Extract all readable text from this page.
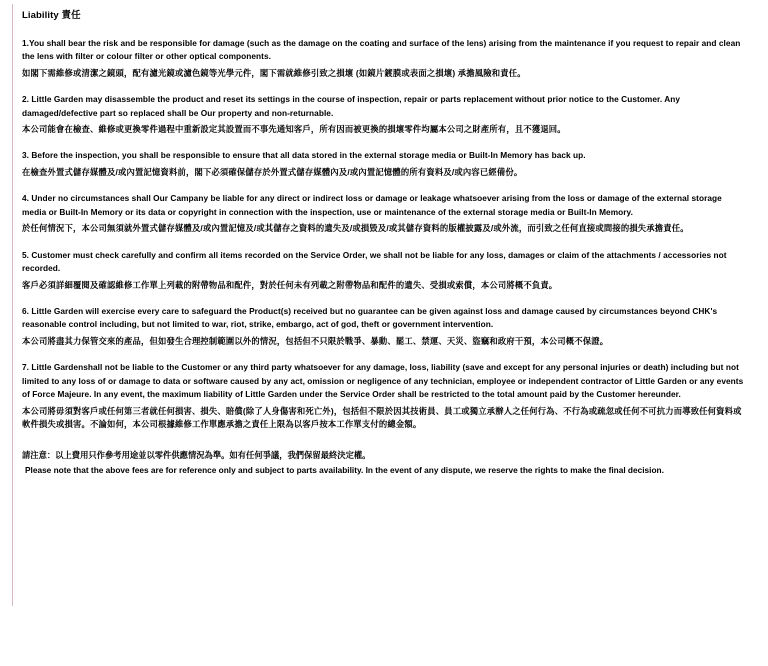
Liability 責任

1.You shall bear the risk and be responsible for damage (such as the damage on the coating and surface of the lens) arising from the maintenance if you request to repair and clean the lens with filter or colour filter or other optical components.

如閣下需維修或清潔之鏡頭，配有濾光鏡或濾色鏡等光學元件，閣下需就維修引致之損壞 (如鏡片鍍膜或表面之損壞) 承擔風險和責任。

2. Little Garden may disassemble the product and reset its settings in the course of inspection, repair or parts replacement without prior notice to the Customer. Any damaged/defective part so replaced shall be Our property and non-returnable.

本公司能會在檢查、維修或更換零件過程中重新設定其設置而不事先通知客戶，所有因而被更換的損壞零件均屬本公司之財產所有，且不獲退回。

3. Before the inspection, you shall be responsible to ensure that all data stored in the external storage media or Built-In Memory has back up.

在檢查外置式儲存媒體及/或內置記憶資料前，閣下必須確保儲存於外置式儲存媒體內及/或內置記憶體的所有資料及/或內容已經備份。

4. Under no circumstances shall Our Campany be liable for any direct or indirect loss or damage or leakage whatsoever arising from the loss or damage of the external storage media or Built-In Memory or its data or copyright in connection with the inspection, use or maintenance of the external storage media or Built-In Memory.

於任何情況下，本公司無須就外置式儲存媒體及/或內置記憶及/或其儲存之資料的遺失及/或損毀及/或其儲存資料的版權披露及/或外流，而引致之任何直接或間接的損失承擔責任。

5. Customer must check carefully and confirm all items recorded on the Service Order, we shall not be liable for any loss, damages or claim of the attachments / accessories not recorded.

客戶必須詳細覆閱及確認維修工作單上列載的附帶物品和配件，對於任何未有列載之附帶物品和配件的遺失、受損或索償，本公司將概不負責。

6. Little Garden will exercise every care to safeguard the Product(s) received but no guarantee can be given against loss and damage caused by circumstances beyond CHK's reasonable control including, but not limited to war, riot, strike, embargo, act of god, theft or government intervention.

本公司將盡其力保管交來的產品，但如發生合理控制範圍以外的情況，包括但不只限於戰爭、暴動、罷工、禁運、天災、盜竊和政府干預，本公司概不保證。

7. Little Gardenshall not be liable to the Customer or any third party whatsoever for any damage, loss, liability (save and except for any personal injuries or death) including but not limited to any loss of or damage to data or software caused by any act, omission or negligence of any technician, employee or independent contractor of Little Garden or any events of Force Majeure. In any event, the maximum liability of Little Garden under the Service Order shall be restricted to the total amount paid by the Customer hereunder.

本公司將毋須對客戶或任何第三者就任何損害、損失、賠償(除了人身傷害和死亡外)，包括但不限於因其技術員、員工或獨立承辦人之任何行為、不行為或疏忽或任何不可抗力而導致任何資料或軟件損失或損害。不論如何，本公司根據維修工作單應承擔之責任上限為以客戶按本工作單支付的總金額。

請注意：以上費用只作參考用途並以零件供應情況為準。如有任何爭議，我們保留最終決定權。

Please note that the above fees are for reference only and subject to parts availability. In the event of any dispute, we reserve the rights to make the final decision.
